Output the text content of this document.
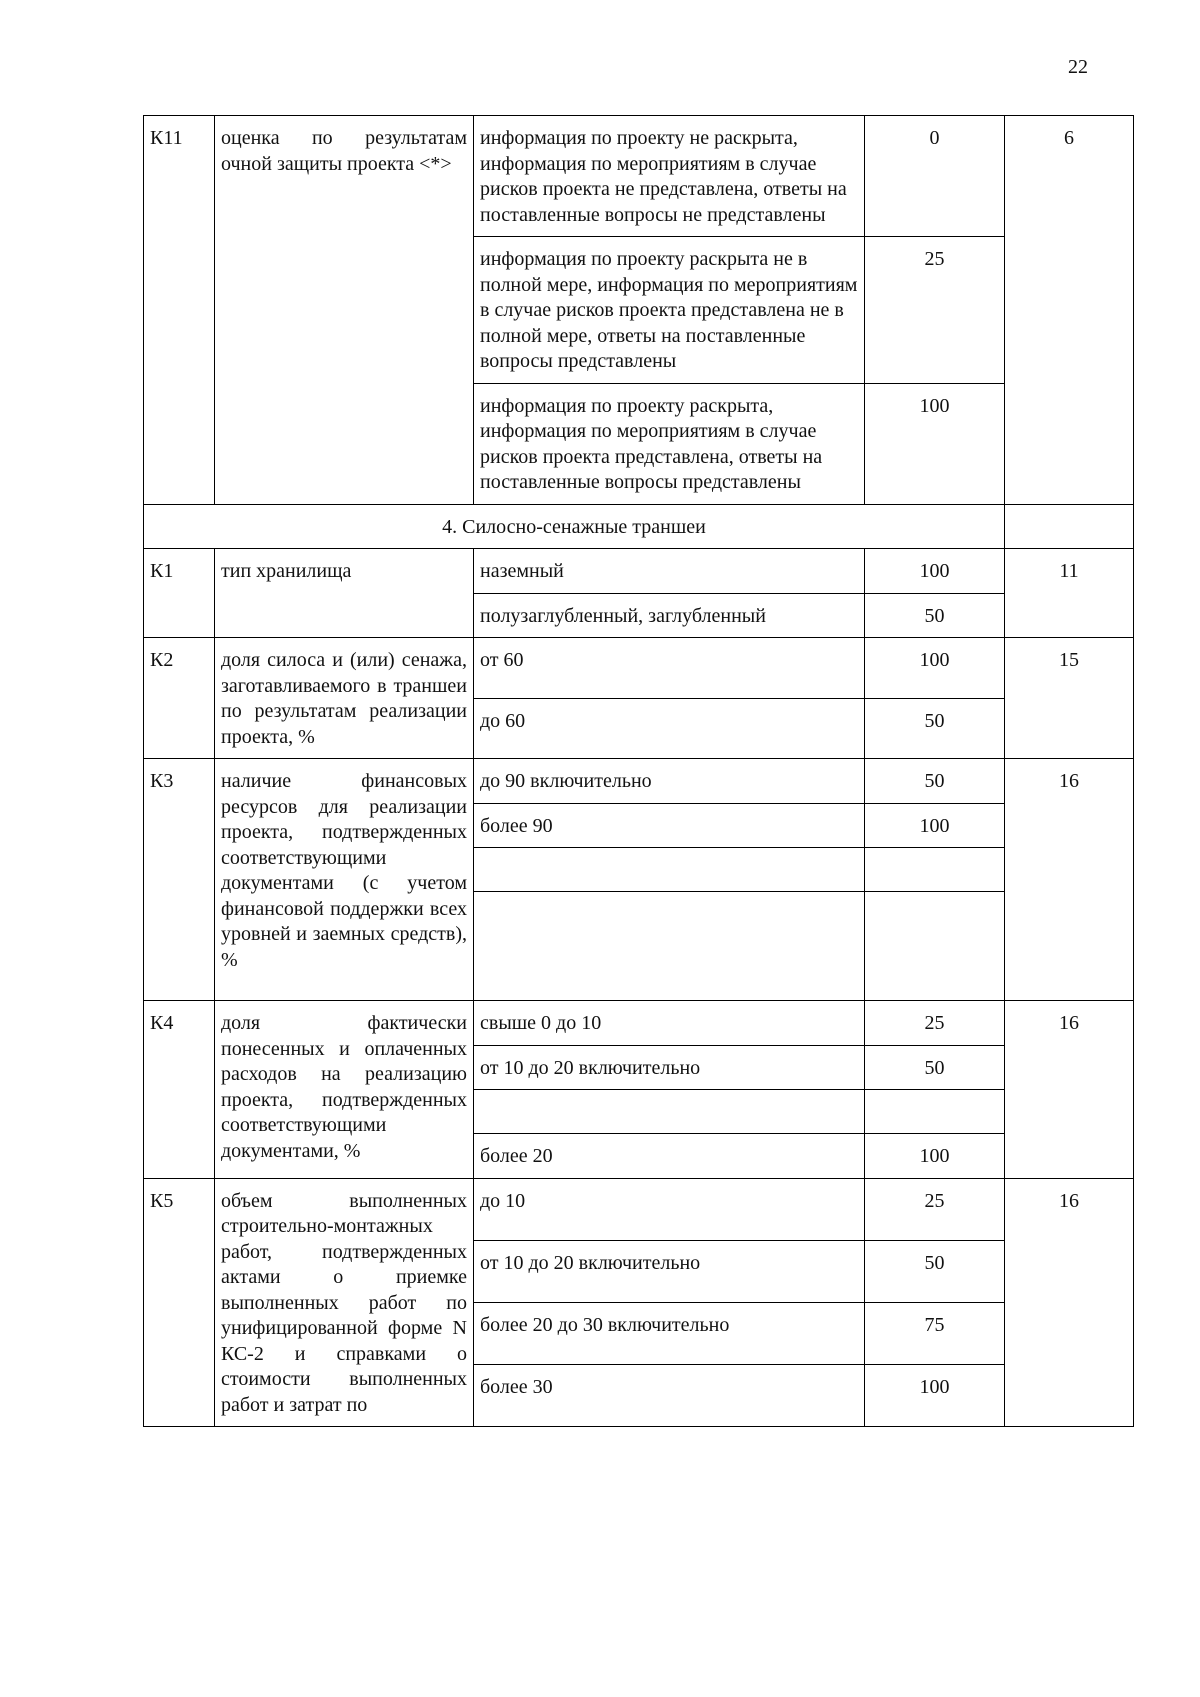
22
К11	оценка по результатам очной защиты проекта <*>	информация по проекту не раскрыта, информация по мероприятиям в случае рисков проекта не представлена, ответы на поставленные вопросы не представлены	0	6
		информация по проекту раскрыта не в полной мере, информация по мероприятиям в случае рисков проекта представлена не в полной мере, ответы на поставленные вопросы представлены	25	
		информация по проекту раскрыта, информация по мероприятиям в случае рисков проекта представлена, ответы на поставленные вопросы представлены	100	
4. Силосно-сенажные траншеи				
К1	тип хранилища	наземный	100	11
		полузаглубленный, заглубленный	50	
К2	доля силоса и (или) сенажа, заготавливаемого в траншеи по результатам реализации проекта, %	от 60	100	15
		до 60	50	
К3	наличие финансовых ресурсов для реализации проекта, подтвержденных соответствующими документами (с учетом финансовой поддержки всех уровней и заемных средств), %	до 90 включительно	50	16
		более 90	100	

К4	доля фактически понесенных и оплаченных расходов на реализацию проекта, подтвержденных соответствующими документами, %	свыше 0 до 10	25	16
		от 10 до 20 включительно	50	

		более 20	100	
К5	объем выполненных строительно-монтажных работ, подтвержденных актами о приемке выполненных работ по унифицированной форме N КС-2 и справками о стоимости выполненных работ и затрат по	до 10	25	16
		от 10 до 20 включительно	50	
		более 20 до 30 включительно	75	
		более 30	100	
